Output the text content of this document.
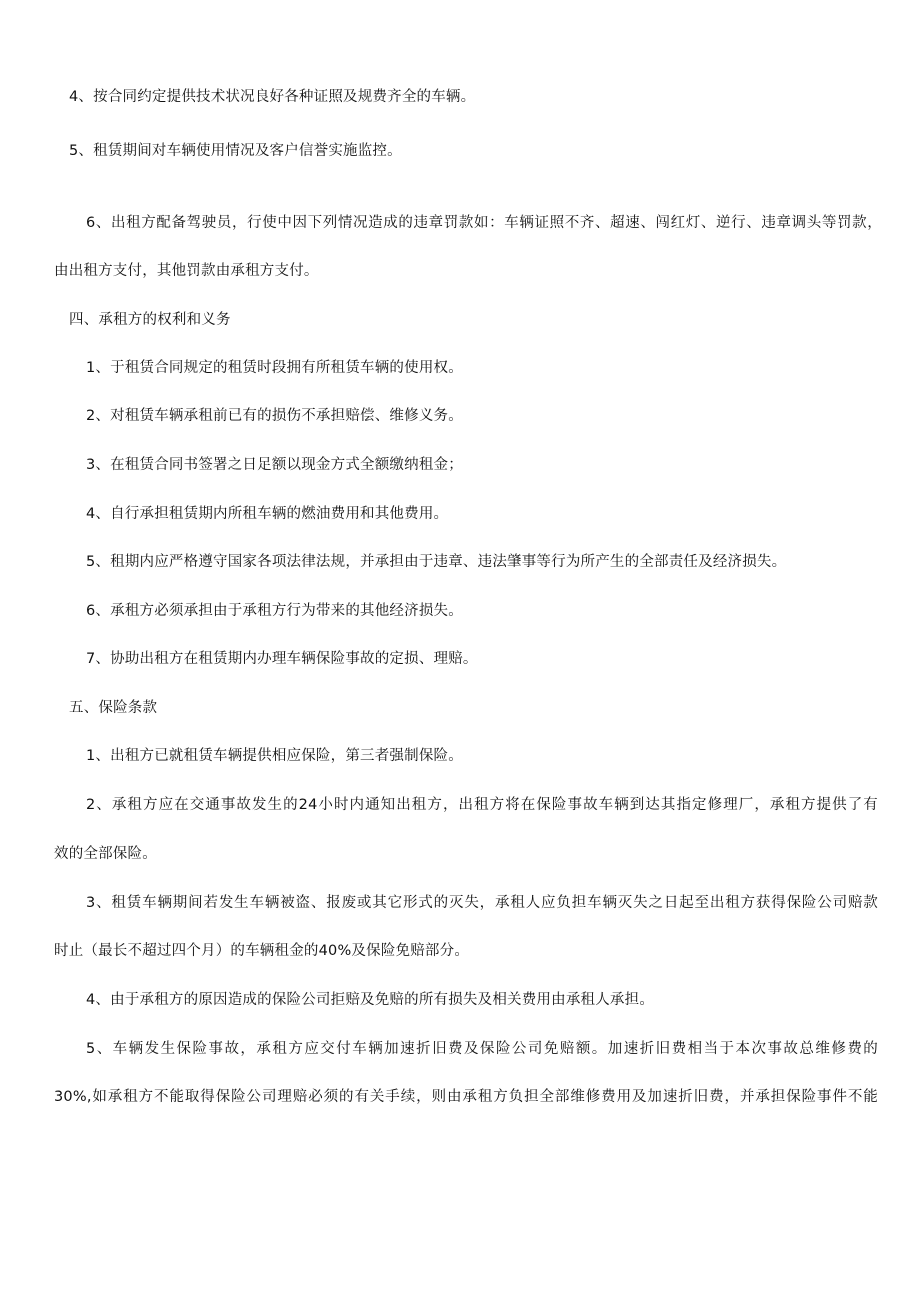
4、按合同约定提供技术状况良好各种证照及规费齐全的车辆。
5、租赁期间对车辆使用情况及客户信誉实施监控。
6、出租方配备驾驶员，行使中因下列情况造成的违章罚款如：车辆证照不齐、超速、闯红灯、逆行、违章调头等罚款，
由出租方支付，其他罚款由承租方支付。
四、承租方的权利和义务
1、于租赁合同规定的租赁时段拥有所租赁车辆的使用权。
2、对租赁车辆承租前已有的损伤不承担赔偿、维修义务。
3、在租赁合同书签署之日足额以现金方式全额缴纳租金；
4、自行承担租赁期内所租车辆的燃油费用和其他费用。
5、租期内应严格遵守国家各项法律法规，并承担由于违章、违法肇事等行为所产生的全部责任及经济损失。
6、承租方必须承担由于承租方行为带来的其他经济损失。
7、协助出租方在租赁期内办理车辆保险事故的定损、理赔。
五、保险条款
1、出租方已就租赁车辆提供相应保险，第三者强制保险。
2、承租方应在交通事故发生的24小时内通知出租方，出租方将在保险事故车辆到达其指定修理厂，承租方提供了有
效的全部保险。
3、租赁车辆期间若发生车辆被盗、报废或其它形式的灭失，承租人应负担车辆灭失之日起至出租方获得保险公司赔款
时止（最长不超过四个月）的车辆租金的40%及保险免赔部分。
4、由于承租方的原因造成的保险公司拒赔及免赔的所有损失及相关费用由承租人承担。
5、车辆发生保险事故，承租方应交付车辆加速折旧费及保险公司免赔额。加速折旧费相当于本次事故总维修费的
30%,如承租方不能取得保险公司理赔必须的有关手续，则由承租方负担全部维修费用及加速折旧费，并承担保险事件不能
